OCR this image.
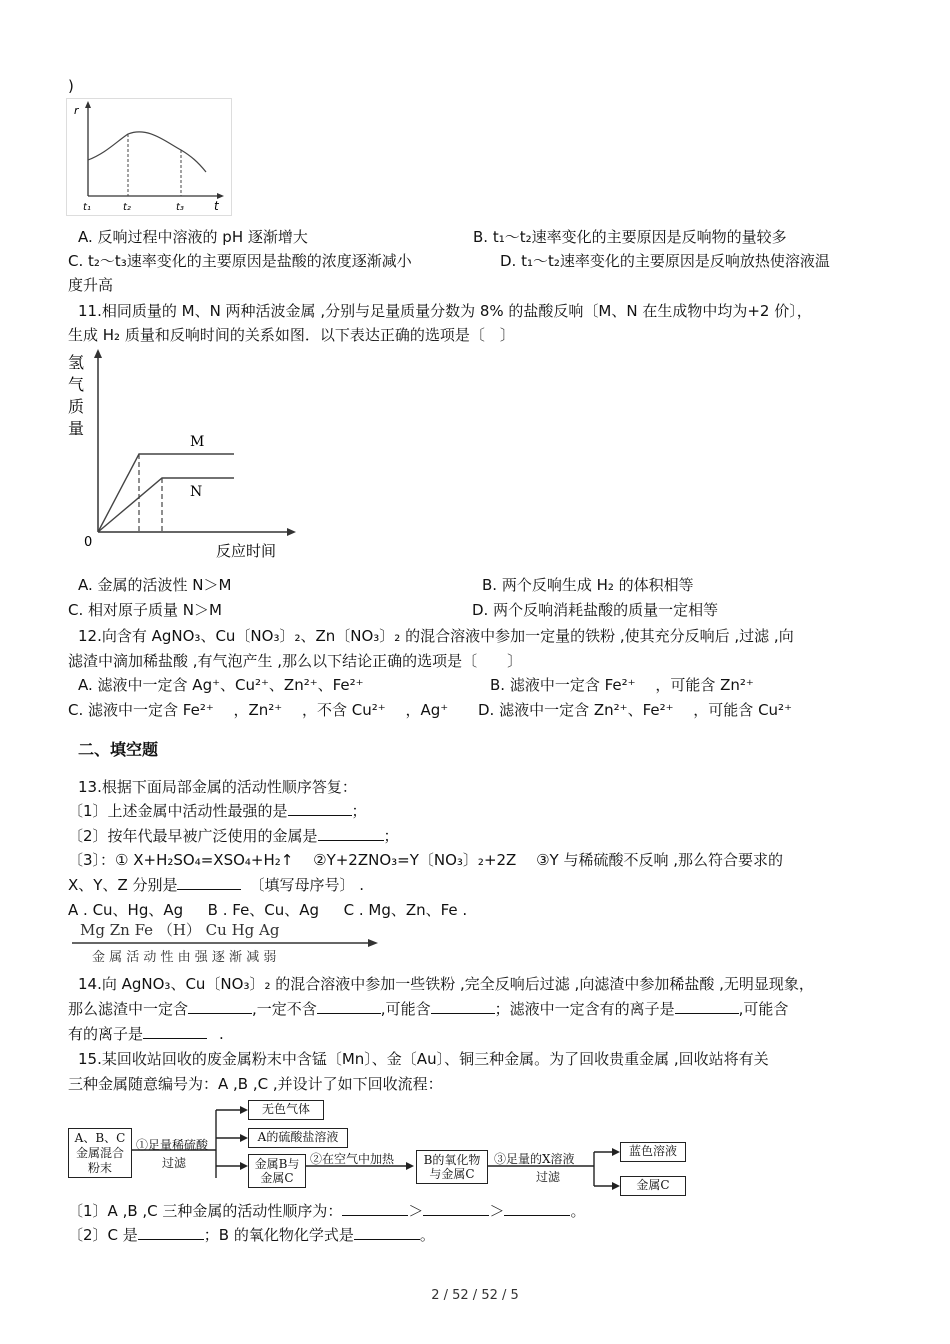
)
r
t
t₁	t₂	t₃
A. 反响过程中溶液的 pH 逐渐增大	B. t₁～t₂速率变化的主要原因是反响物的量较多
C. t₂～t₃速率变化的主要原因是盐酸的浓度逐渐减小	D. t₁～t₂速率变化的主要原因是反响放热使溶液温
度升高
11.相同质量的 M、N 两种活波金属 ,分别与足量质量分数为 8% 的盐酸反响〔M、N 在生成物中均为+2 价〕，
生成 H₂ 质量和反响时间的关系如图．以下表达正确的选项是〔　〕
氢
气
质
量
M
N
0	反应时间
A. 金属的活波性 N＞M	B. 两个反响生成 H₂ 的体积相等
C. 相对原子质量 N＞M	D. 两个反响消耗盐酸的质量一定相等
12.向含有 AgNO₃、Cu〔NO₃〕₂、Zn〔NO₃〕₂ 的混合溶液中参加一定量的铁粉 ,使其充分反响后 ,过滤 ,向
滤渣中滴加稀盐酸 ,有气泡产生 ,那么以下结论正确的选项是〔　　〕
A. 滤液中一定含 Ag⁺、Cu²⁺、Zn²⁺、Fe²⁺	B. 滤液中一定含 Fe²⁺ 　，可能含 Zn²⁺
C. 滤液中一定含 Fe²⁺ 　，Zn²⁺ 　，不含 Cu²⁺ 　，Ag⁺ D. 滤液中一定含 Zn²⁺、Fe²⁺ 　，可能含 Cu²⁺
二、填空题
13.根据下面局部金属的活动性顺序答复：
〔1〕上述金属中活动性最强的是	；
〔2〕按年代最早被广泛使用的金属是	；
〔3〕：① X+H₂SO₄=XSO₄+H₂↑ 　②Y+2ZNO₃=Y〔NO₃〕₂+2Z 　③Y 与稀硫酸不反响 ,那么符合要求的
X、Y、Z 分别是	〔填写母序号〕 .
A . Cu、Hg、Ag 　 B . Fe、Cu、Ag 　 C . Mg、Zn、Fe .
Mg Zn Fe （H） Cu Hg Ag
金 属 活 动 性 由 强 逐 渐 减 弱
14.向 AgNO₃、Cu〔NO₃〕₂ 的混合溶液中参加一些铁粉 ,完全反响后过滤 ,向滤渣中参加稀盐酸 ,无明显现象，
那么滤渣中一定含	,一定不含	,可能含	；滤液中一定含有的离子是	,可能含
有的离子是	.
15.某回收站回收的废金属粉末中含锰〔Mn〕、金〔Au〕、铜三种金属。为了回收贵重金属 ,回收站将有关
三种金属随意编号为：A ,B ,C ,并设计了如下回收流程：
A、B、C 金属混合 粉末
①足量稀硫酸
过滤
无色气体
A的硫酸盐溶液
金属B与 金属C
②在空气中加热	B的氧化物 与金属C
③足量的X溶液
过滤
蓝色溶液
金属C
〔1〕A ,B ,C 三种金属的活动性顺序为：	＞	＞	。
〔2〕C 是	；B 的氧化物化学式是	。
2 / 52 / 52 / 5
